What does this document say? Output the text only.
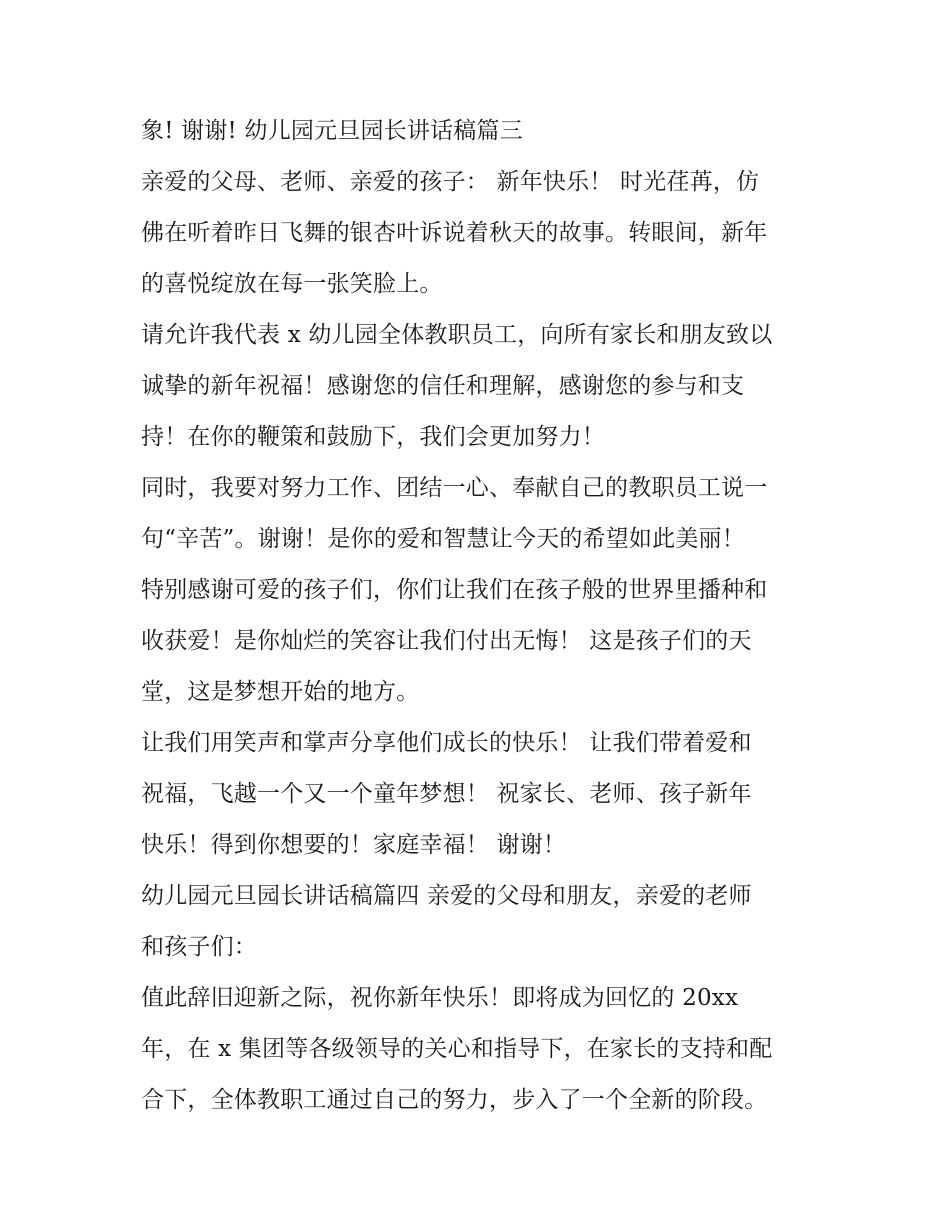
象! 谢谢! 幼儿园元旦园长讲话稿篇三
亲爱的父母、老师、亲爱的孩子： 新年快乐！ 时光荏苒，仿
佛在听着昨日飞舞的银杏叶诉说着秋天的故事。转眼间，新年
的喜悦绽放在每一张笑脸上。
请允许我代表 x 幼儿园全体教职员工，向所有家长和朋友致以
诚挚的新年祝福！感谢您的信任和理解，感谢您的参与和支
持！在你的鞭策和鼓励下，我们会更加努力！
同时，我要对努力工作、团结一心、奉献自己的教职员工说一
句“辛苦”。谢谢！是你的爱和智慧让今天的希望如此美丽！
特别感谢可爱的孩子们，你们让我们在孩子般的世界里播种和
收获爱！是你灿烂的笑容让我们付出无悔！ 这是孩子们的天
堂，这是梦想开始的地方。
让我们用笑声和掌声分享他们成长的快乐！ 让我们带着爱和
祝福，飞越一个又一个童年梦想！ 祝家长、老师、孩子新年
快乐！得到你想要的！家庭幸福！ 谢谢！
幼儿园元旦园长讲话稿篇四 亲爱的父母和朋友，亲爱的老师
和孩子们：
值此辞旧迎新之际，祝你新年快乐！即将成为回忆的 20xx
年，在 x 集团等各级领导的关心和指导下，在家长的支持和配
合下，全体教职工通过自己的努力，步入了一个全新的阶段。
